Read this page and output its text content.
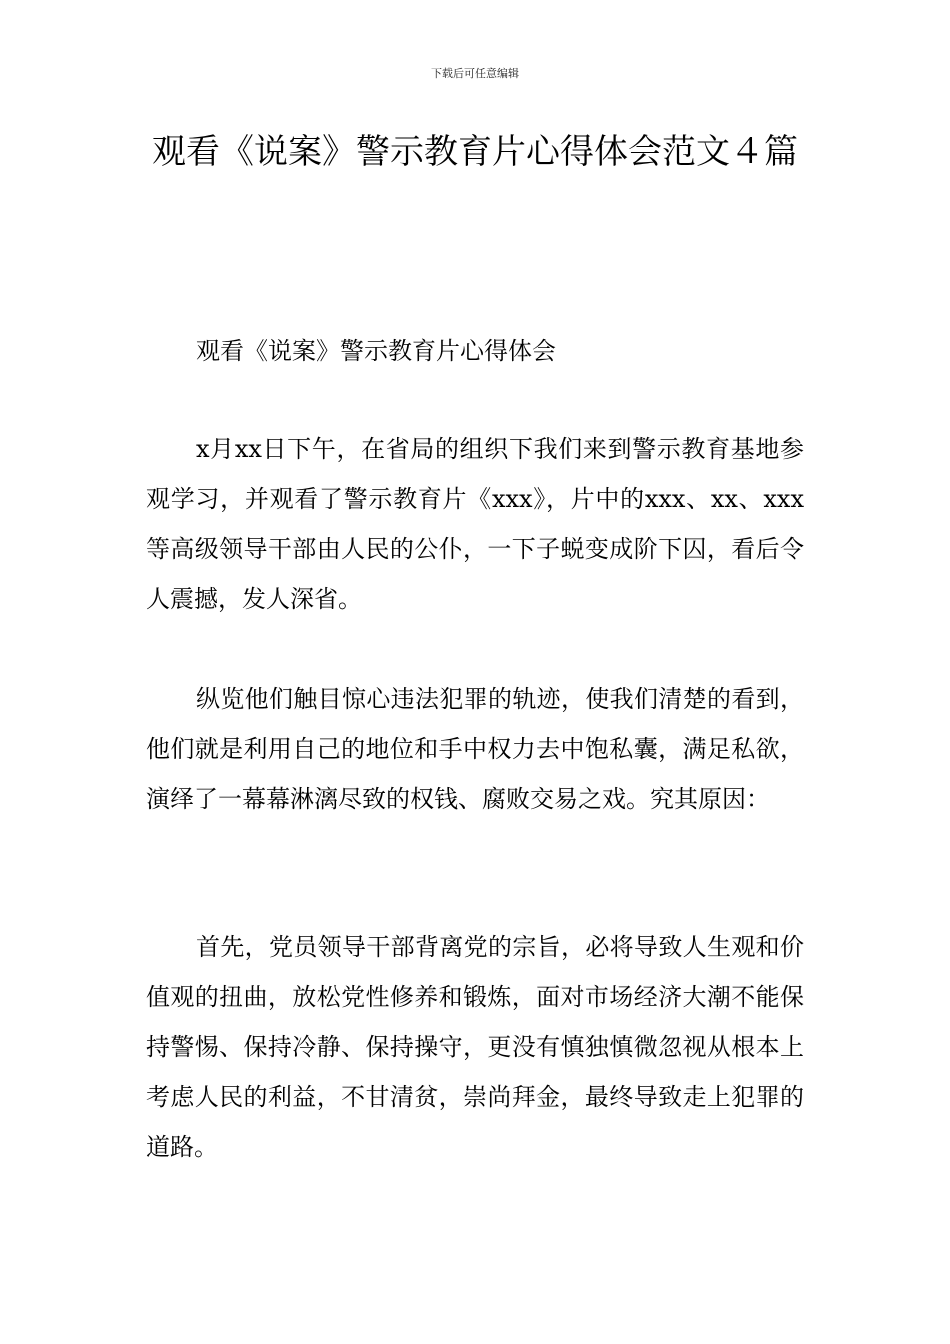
下载后可任意编辑
观看《说案》警示教育片心得体会范文４篇

观看《说案》警示教育片心得体会

x月xx日下午，在省局的组织下我们来到警示教育基地参观学习，并观看了警示教育片《xxx》，片中的xxx、xx、xxx等高级领导干部由人民的公仆，一下子蜕变成阶下囚，看后令人震撼，发人深省。

纵览他们触目惊心违法犯罪的轨迹，使我们清楚的看到，他们就是利用自己的地位和手中权力去中饱私囊，满足私欲，演绎了一幕幕淋漓尽致的权钱、腐败交易之戏。究其原因：

首先，党员领导干部背离党的宗旨，必将导致人生观和价值观的扭曲，放松党性修养和锻炼，面对市场经济大潮不能保持警惕、保持冷静、保持操守，更没有慎独慎微忽视从根本上考虑人民的利益，不甘清贫，崇尚拜金，最终导致走上犯罪的道路。
